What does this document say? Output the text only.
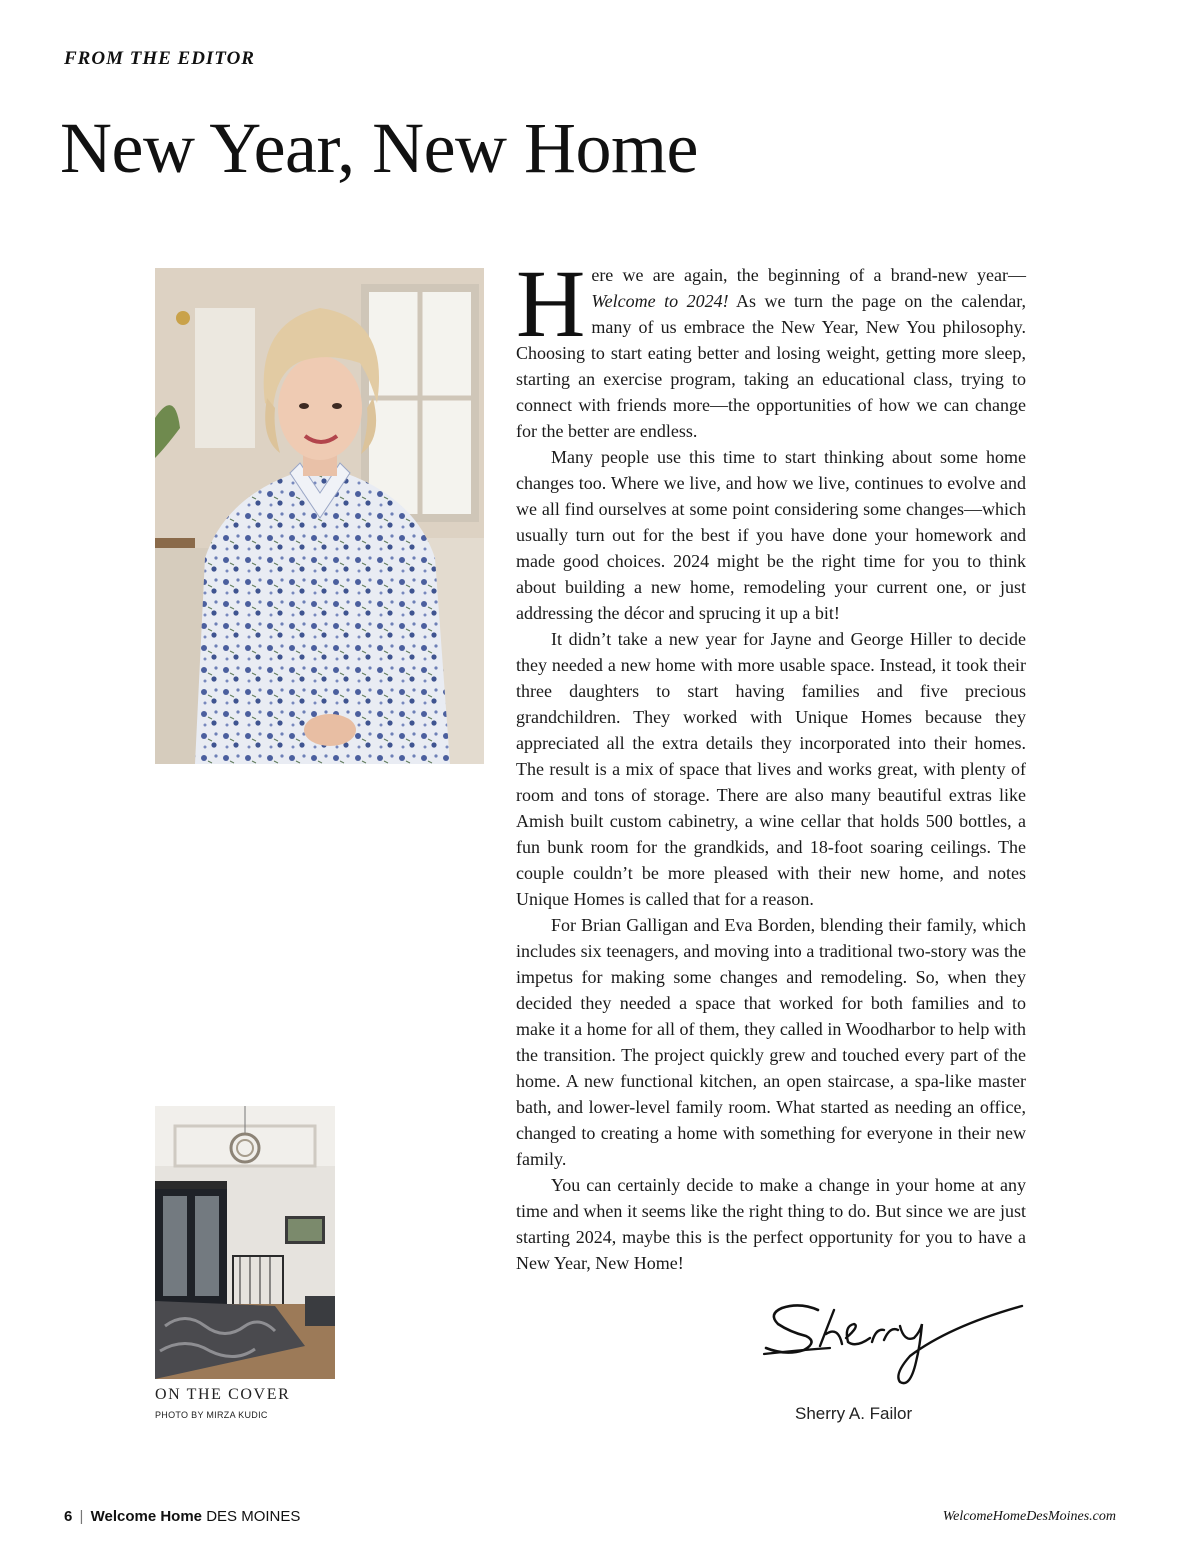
FROM THE EDITOR
New Year, New Home

Here we are again, the beginning of a brand-new year—Welcome to 2024! As we turn the page on the calendar, many of us embrace the New Year, New You philosophy. Choosing to start eating better and losing weight, getting more sleep, starting an exercise program, taking an educational class, trying to connect with friends more—the opportunities of how we can change for the better are endless.

Many people use this time to start thinking about some home changes too. Where we live, and how we live, continues to evolve and we all find ourselves at some point considering some changes—which usually turn out for the best if you have done your homework and made good choices. 2024 might be the right time for you to think about building a new home, remodeling your current one, or just addressing the décor and sprucing it up a bit!

It didn’t take a new year for Jayne and George Hiller to decide they needed a new home with more usable space. Instead, it took their three daughters to start having families and five precious grandchildren. They worked with Unique Homes because they appreciated all the extra details they incorporated into their homes. The result is a mix of space that lives and works great, with plenty of room and tons of storage. There are also many beautiful extras like Amish built custom cabinetry, a wine cellar that holds 500 bottles, a fun bunk room for the grandkids, and 18-foot soaring ceilings. The couple couldn’t be more pleased with their new home, and notes Unique Homes is called that for a reason.

For Brian Galligan and Eva Borden, blending their family, which includes six teenagers, and moving into a traditional two-story was the impetus for making some changes and remodeling. So, when they decided they needed a space that worked for both families and to make it a home for all of them, they called in Woodharbor to help with the transition. The project quickly grew and touched every part of the home. A new functional kitchen, an open staircase, a spa-like master bath, and lower-level family room. What started as needing an office, changed to creating a home with something for everyone in their new family.

You can certainly decide to make a change in your home at any time and when it seems like the right thing to do. But since we are just starting 2024, maybe this is the perfect opportunity for you to have a New Year, New Home!

ON THE COVER
PHOTO BY MIRZA KUDIC	Sherry A. Failor
6 | Welcome Home DES MOINES	WelcomeHomeDesMoines.com
